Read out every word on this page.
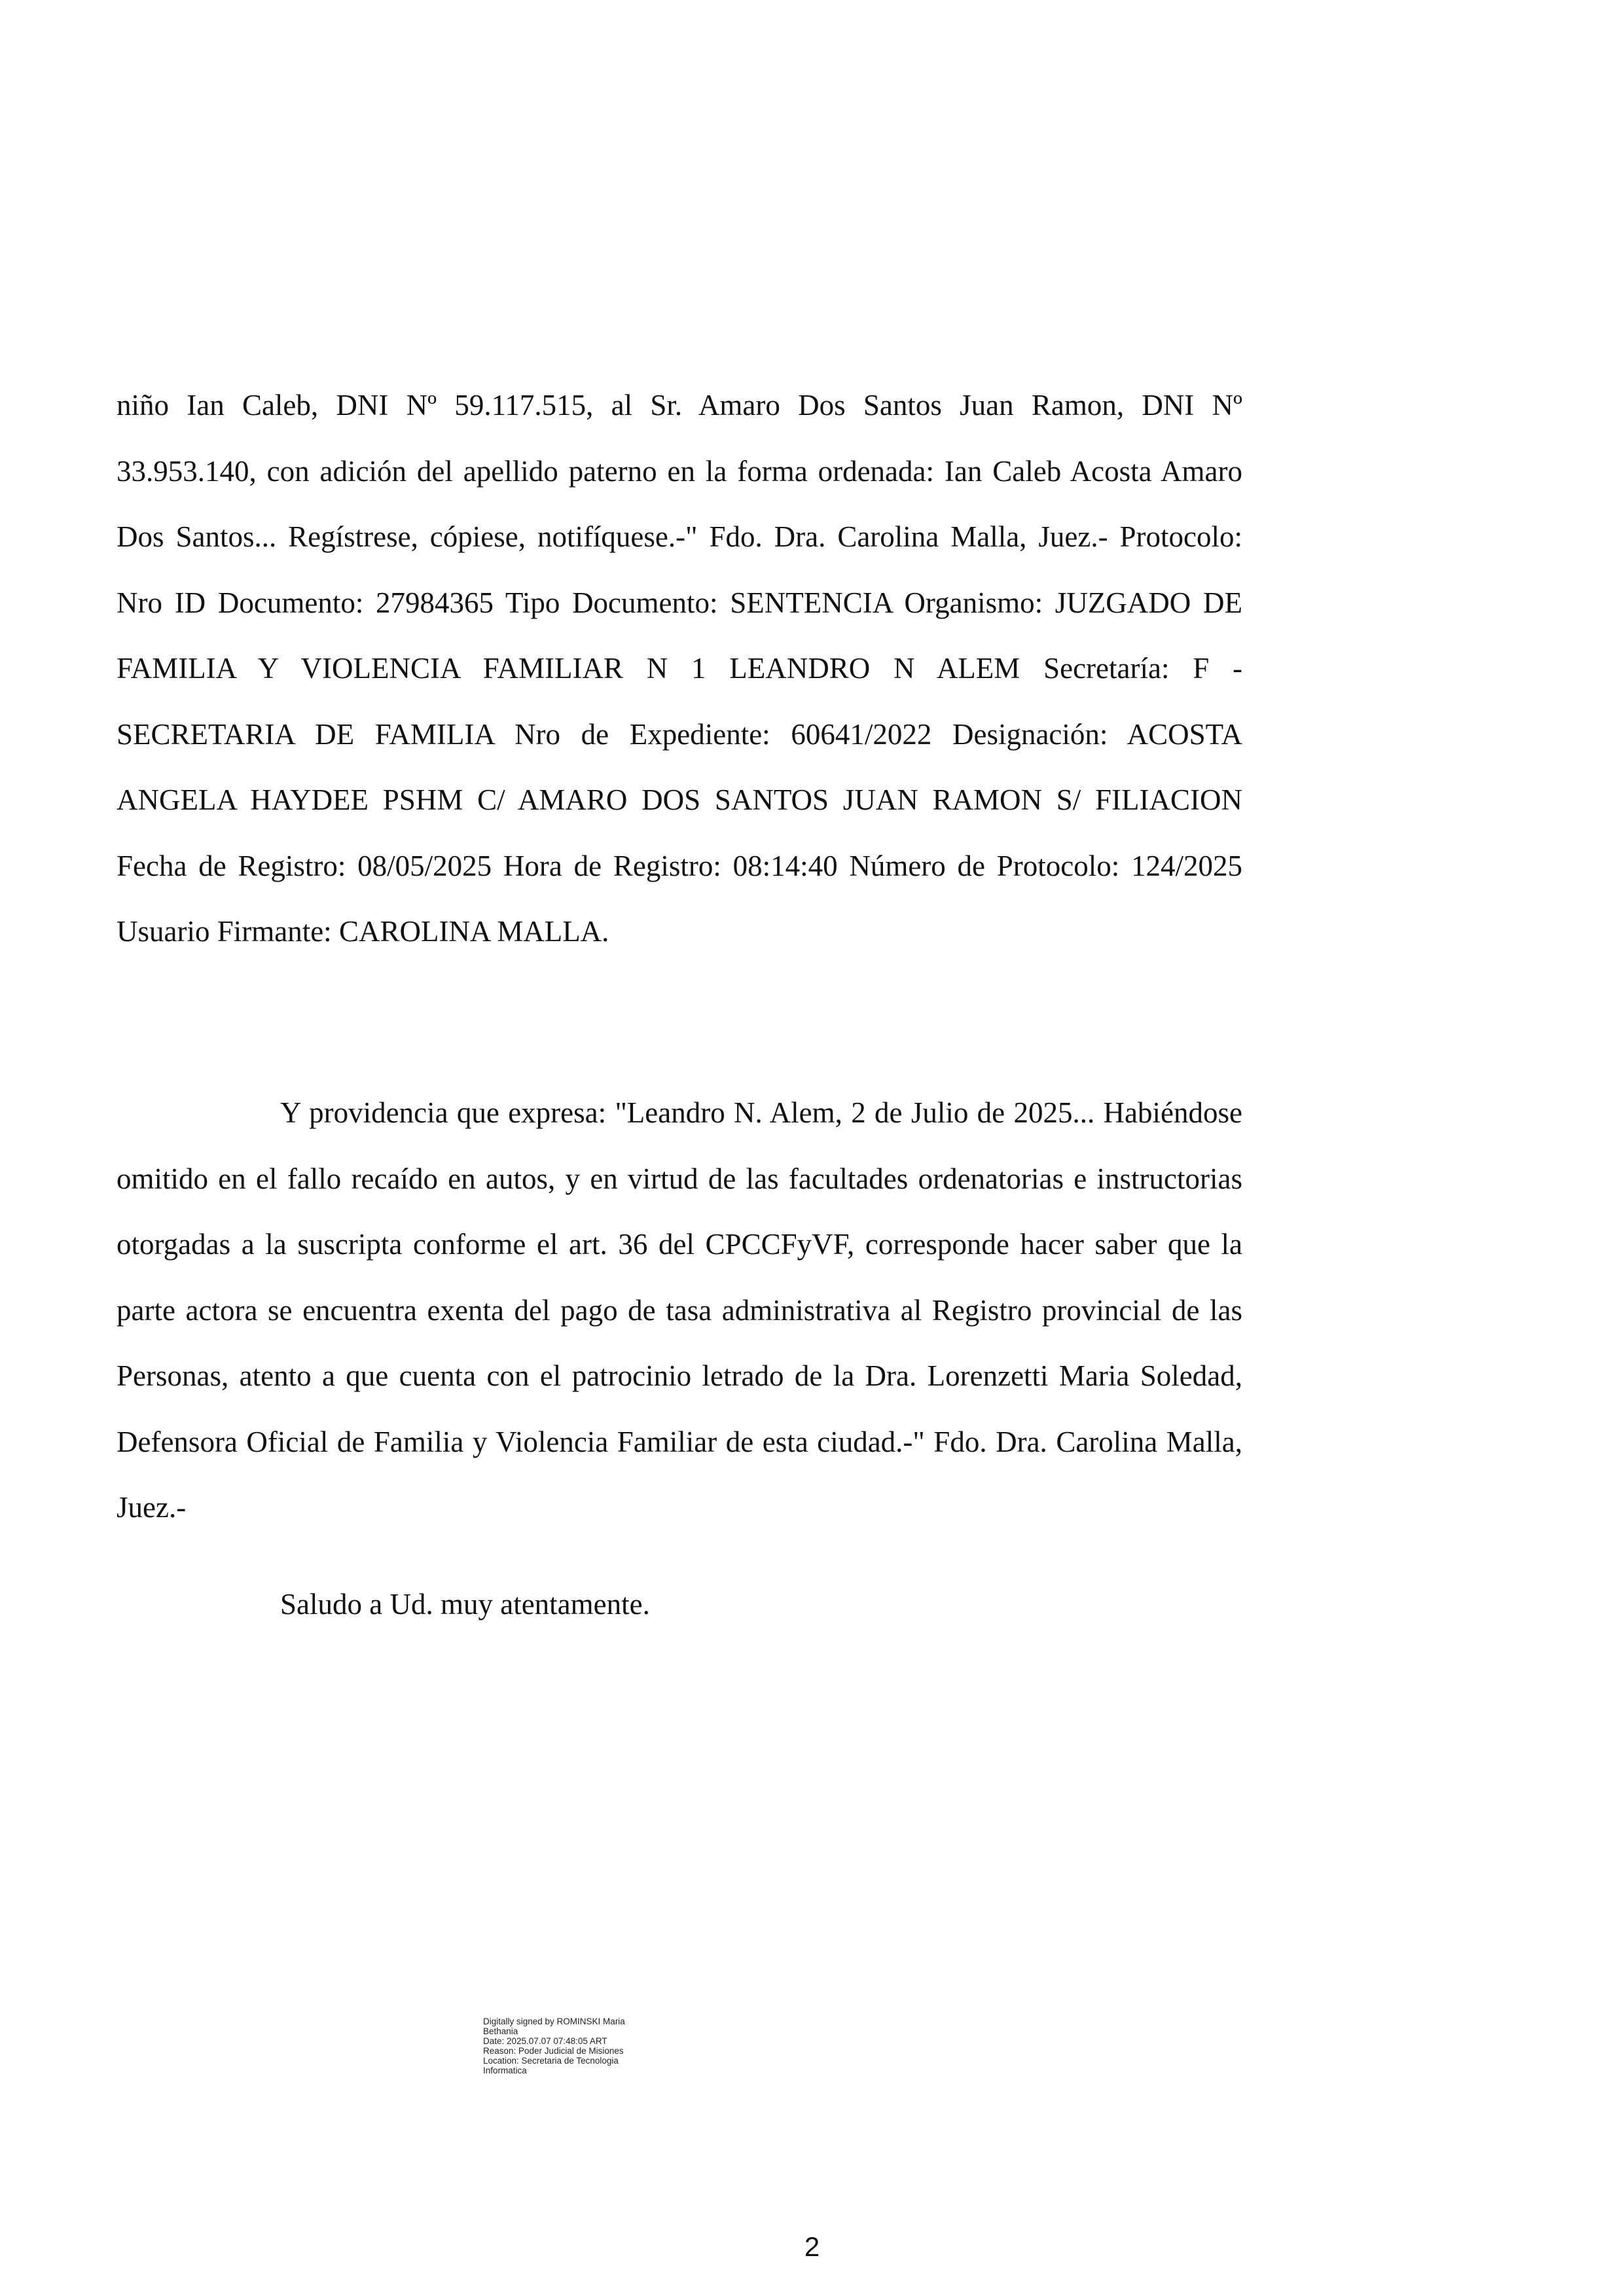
niño Ian Caleb, DNI Nº 59.117.515, al Sr. Amaro Dos Santos Juan Ramon, DNI Nº 33.953.140, con adición del apellido paterno en la forma ordenada: Ian Caleb Acosta Amaro Dos Santos... Regístrese, cópiese, notifíquese.-" Fdo. Dra. Carolina Malla, Juez.- Protocolo: Nro ID Documento: 27984365 Tipo Documento: SENTENCIA Organismo: JUZGADO DE FAMILIA Y VIOLENCIA FAMILIAR N 1 LEANDRO N ALEM Secretaría: F - SECRETARIA DE FAMILIA Nro de Expediente: 60641/2022 Designación: ACOSTA ANGELA HAYDEE PSHM C/ AMARO DOS SANTOS JUAN RAMON S/ FILIACION Fecha de Registro: 08/05/2025 Hora de Registro: 08:14:40 Número de Protocolo: 124/2025 Usuario Firmante: CAROLINA MALLA.

Y providencia que expresa: "Leandro N. Alem, 2 de Julio de 2025... Habiéndose omitido en el fallo recaído en autos, y en virtud de las facultades ordenatorias e instructorias otorgadas a la suscripta conforme el art. 36 del CPCCFyVF, corresponde hacer saber que la parte actora se encuentra exenta del pago de tasa administrativa al Registro provincial de las Personas, atento a que cuenta con el patrocinio letrado de la Dra. Lorenzetti Maria Soledad, Defensora Oficial de Familia y Violencia Familiar de esta ciudad.-" Fdo. Dra. Carolina Malla, Juez.-

Saludo a Ud. muy atentamente.

Digitally signed by ROMINSKI Maria
Bethania
Date: 2025.07.07 07:48:05 ART
Reason: Poder Judicial de Misiones
Location: Secretaria de Tecnologia
Informatica
2
